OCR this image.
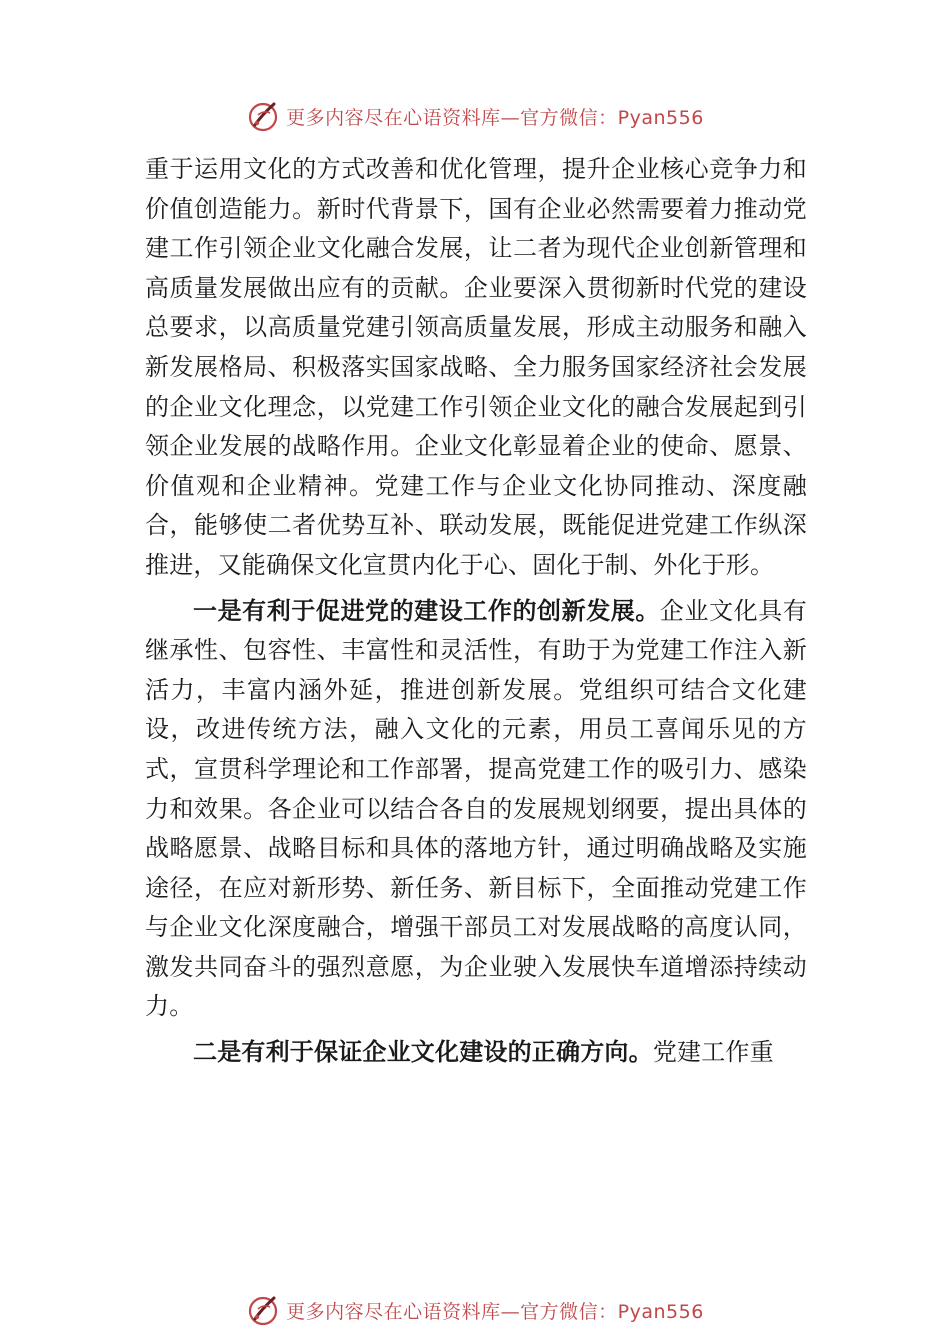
更多内容尽在心语资料库—官方微信：Pyan556

重于运用文化的方式改善和优化管理，提升企业核心竞争力和价值创造能力。新时代背景下，国有企业必然需要着力推动党建工作引领企业文化融合发展，让二者为现代企业创新管理和高质量发展做出应有的贡献。企业要深入贯彻新时代党的建设总要求，以高质量党建引领高质量发展，形成主动服务和融入新发展格局、积极落实国家战略、全力服务国家经济社会发展的企业文化理念，以党建工作引领企业文化的融合发展起到引领企业发展的战略作用。企业文化彰显着企业的使命、愿景、价值观和企业精神。党建工作与企业文化协同推动、深度融合，能够使二者优势互补、联动发展，既能促进党建工作纵深推进，又能确保文化宣贯内化于心、固化于制、外化于形。

一是有利于促进党的建设工作的创新发展。企业文化具有继承性、包容性、丰富性和灵活性，有助于为党建工作注入新活力，丰富内涵外延，推进创新发展。党组织可结合文化建设，改进传统方法，融入文化的元素，用员工喜闻乐见的方式，宣贯科学理论和工作部署，提高党建工作的吸引力、感染力和效果。各企业可以结合各自的发展规划纲要，提出具体的战略愿景、战略目标和具体的落地方针，通过明确战略及实施途径，在应对新形势、新任务、新目标下，全面推动党建工作与企业文化深度融合，增强干部员工对发展战略的高度认同，激发共同奋斗的强烈意愿，为企业驶入发展快车道增添持续动力。

二是有利于保证企业文化建设的正确方向。党建工作重

更多内容尽在心语资料库—官方微信：Pyan556
